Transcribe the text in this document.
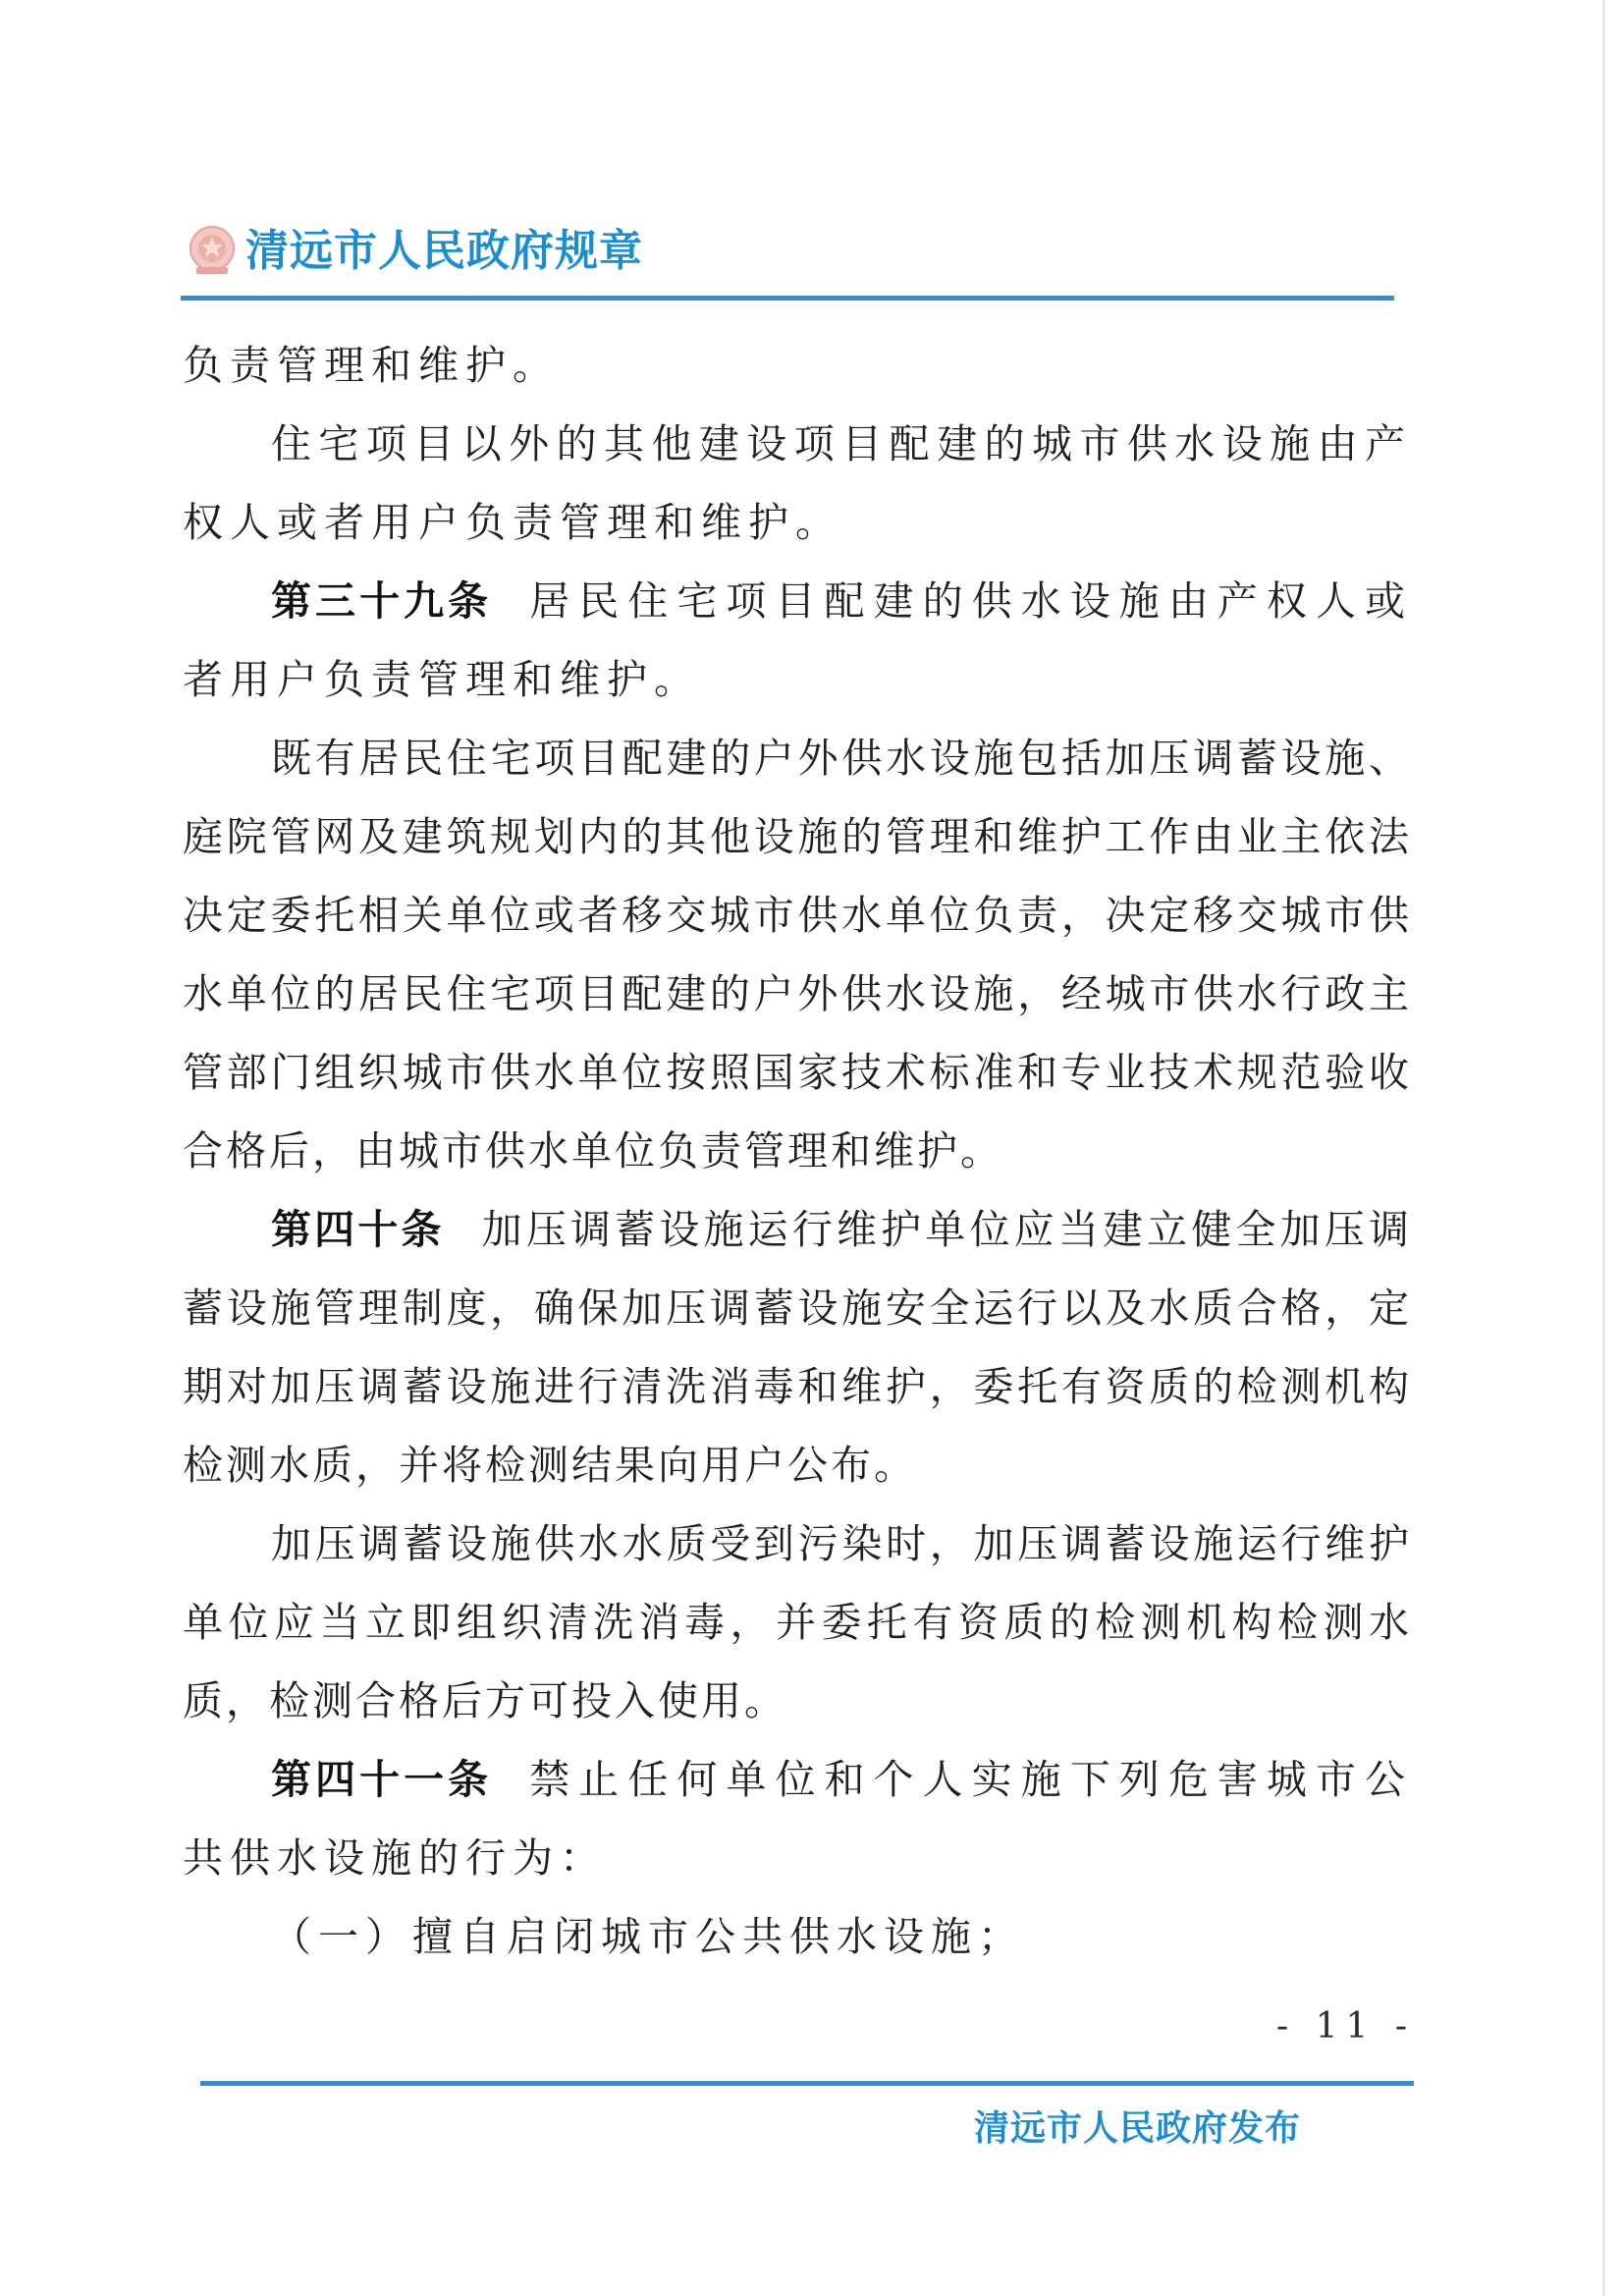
清远市人民政府规章

负责管理和维护。

住宅项目以外的其他建设项目配建的城市供水设施由产权人或者用户负责管理和维护。

第三十九条 居民住宅项目配建的供水设施由产权人或者用户负责管理和维护。

既有居民住宅项目配建的户外供水设施包括加压调蓄设施、庭院管网及建筑规划内的其他设施的管理和维护工作由业主依法决定委托相关单位或者移交城市供水单位负责，决定移交城市供水单位的居民住宅项目配建的户外供水设施，经城市供水行政主管部门组织城市供水单位按照国家技术标准和专业技术规范验收合格后，由城市供水单位负责管理和维护。

第四十条 加压调蓄设施运行维护单位应当建立健全加压调蓄设施管理制度，确保加压调蓄设施安全运行以及水质合格，定期对加压调蓄设施进行清洗消毒和维护，委托有资质的检测机构检测水质，并将检测结果向用户公布。

加压调蓄设施供水水质受到污染时，加压调蓄设施运行维护单位应当立即组织清洗消毒，并委托有资质的检测机构检测水质，检测合格后方可投入使用。

第四十一条 禁止任何单位和个人实施下列危害城市公共供水设施的行为：

（一）擅自启闭城市公共供水设施；

- 11 -
清远市人民政府发布
